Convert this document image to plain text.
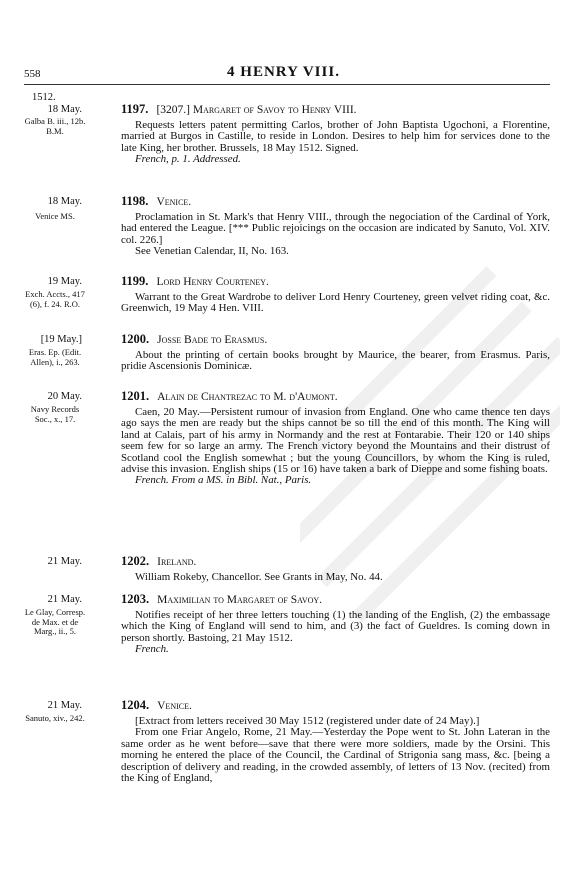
558	4 HENRY VIII.
1512.
18 May.
Galba B. iii., 12b. B.M.
1197. [3207.] Margaret of Savoy to Henry VIII.

Requests letters patent permitting Carlos, brother of John Baptista Ugochoni, a Florentine, married at Burgos in Castille, to reside in London. Desires to help him for services done to the late King, her brother. Brussels, 18 May 1512. Signed.

French, p. 1. Addressed.

18 May.
Venice MS.
1198. Venice.

Proclamation in St. Mark's that Henry VIII., through the negociation of the Cardinal of York, had entered the League. [*** Public rejoicings on the occasion are indicated by Sanuto, Vol. XIV. col. 226.]

See Venetian Calendar, II, No. 163.

19 May.
Exch. Accts., 417 (6), f. 24. R.O.
1199. Lord Henry Courteney.

Warrant to the Great Wardrobe to deliver Lord Henry Courteney, green velvet riding coat, &c. Greenwich, 19 May 4 Hen. VIII.

[19 May.]
Eras. Ep. (Edit. Allen), i., 263.
1200. Josse Bade to Erasmus.

About the printing of certain books brought by Maurice, the bearer, from Erasmus. Paris, pridie Ascensionis Dominicæ.

20 May.
Navy Records Soc., x., 17.
1201. Alain de Chantrezac to M. d'Aumont.

Caen, 20 May.—Persistent rumour of invasion from England. One who came thence ten days ago says the men are ready but the ships cannot be so till the end of this month. The King will land at Calais, part of his army in Normandy and the rest at Fontarabie. Their 120 or 140 ships seem few for so large an army. The French victory beyond the Mountains and their distrust of Scotland cool the English somewhat ; but the young Councillors, by whom the King is ruled, advise this invasion. English ships (15 or 16) have taken a bark of Dieppe and some fishing boats.

French. From a MS. in Bibl. Nat., Paris.

21 May.	1202. Ireland.

William Rokeby, Chancellor. See Grants in May, No. 44.

21 May.
Le Glay, Corresp. de Max. et de Marg., ii., 5.
1203. Maximilian to Margaret of Savoy.

Notifies receipt of her three letters touching (1) the landing of the English, (2) the embassage which the King of England will send to him, and (3) the fact of Gueldres. Is coming down in person shortly. Bastoing, 21 May 1512.

French.

21 May.
Sanuto, xiv., 242.
1204. Venice.

[Extract from letters received 30 May 1512 (registered under date of 24 May).]

From one Friar Angelo, Rome, 21 May.—Yesterday the Pope went to St. John Lateran in the same order as he went before—save that there were more soldiers, made by the Orsini. This morning he entered the place of the Council, the Cardinal of Strigonia sang mass, &c. [being a description of delivery and reading, in the crowded assembly, of letters of 13 Nov. (recited) from the King of England,
